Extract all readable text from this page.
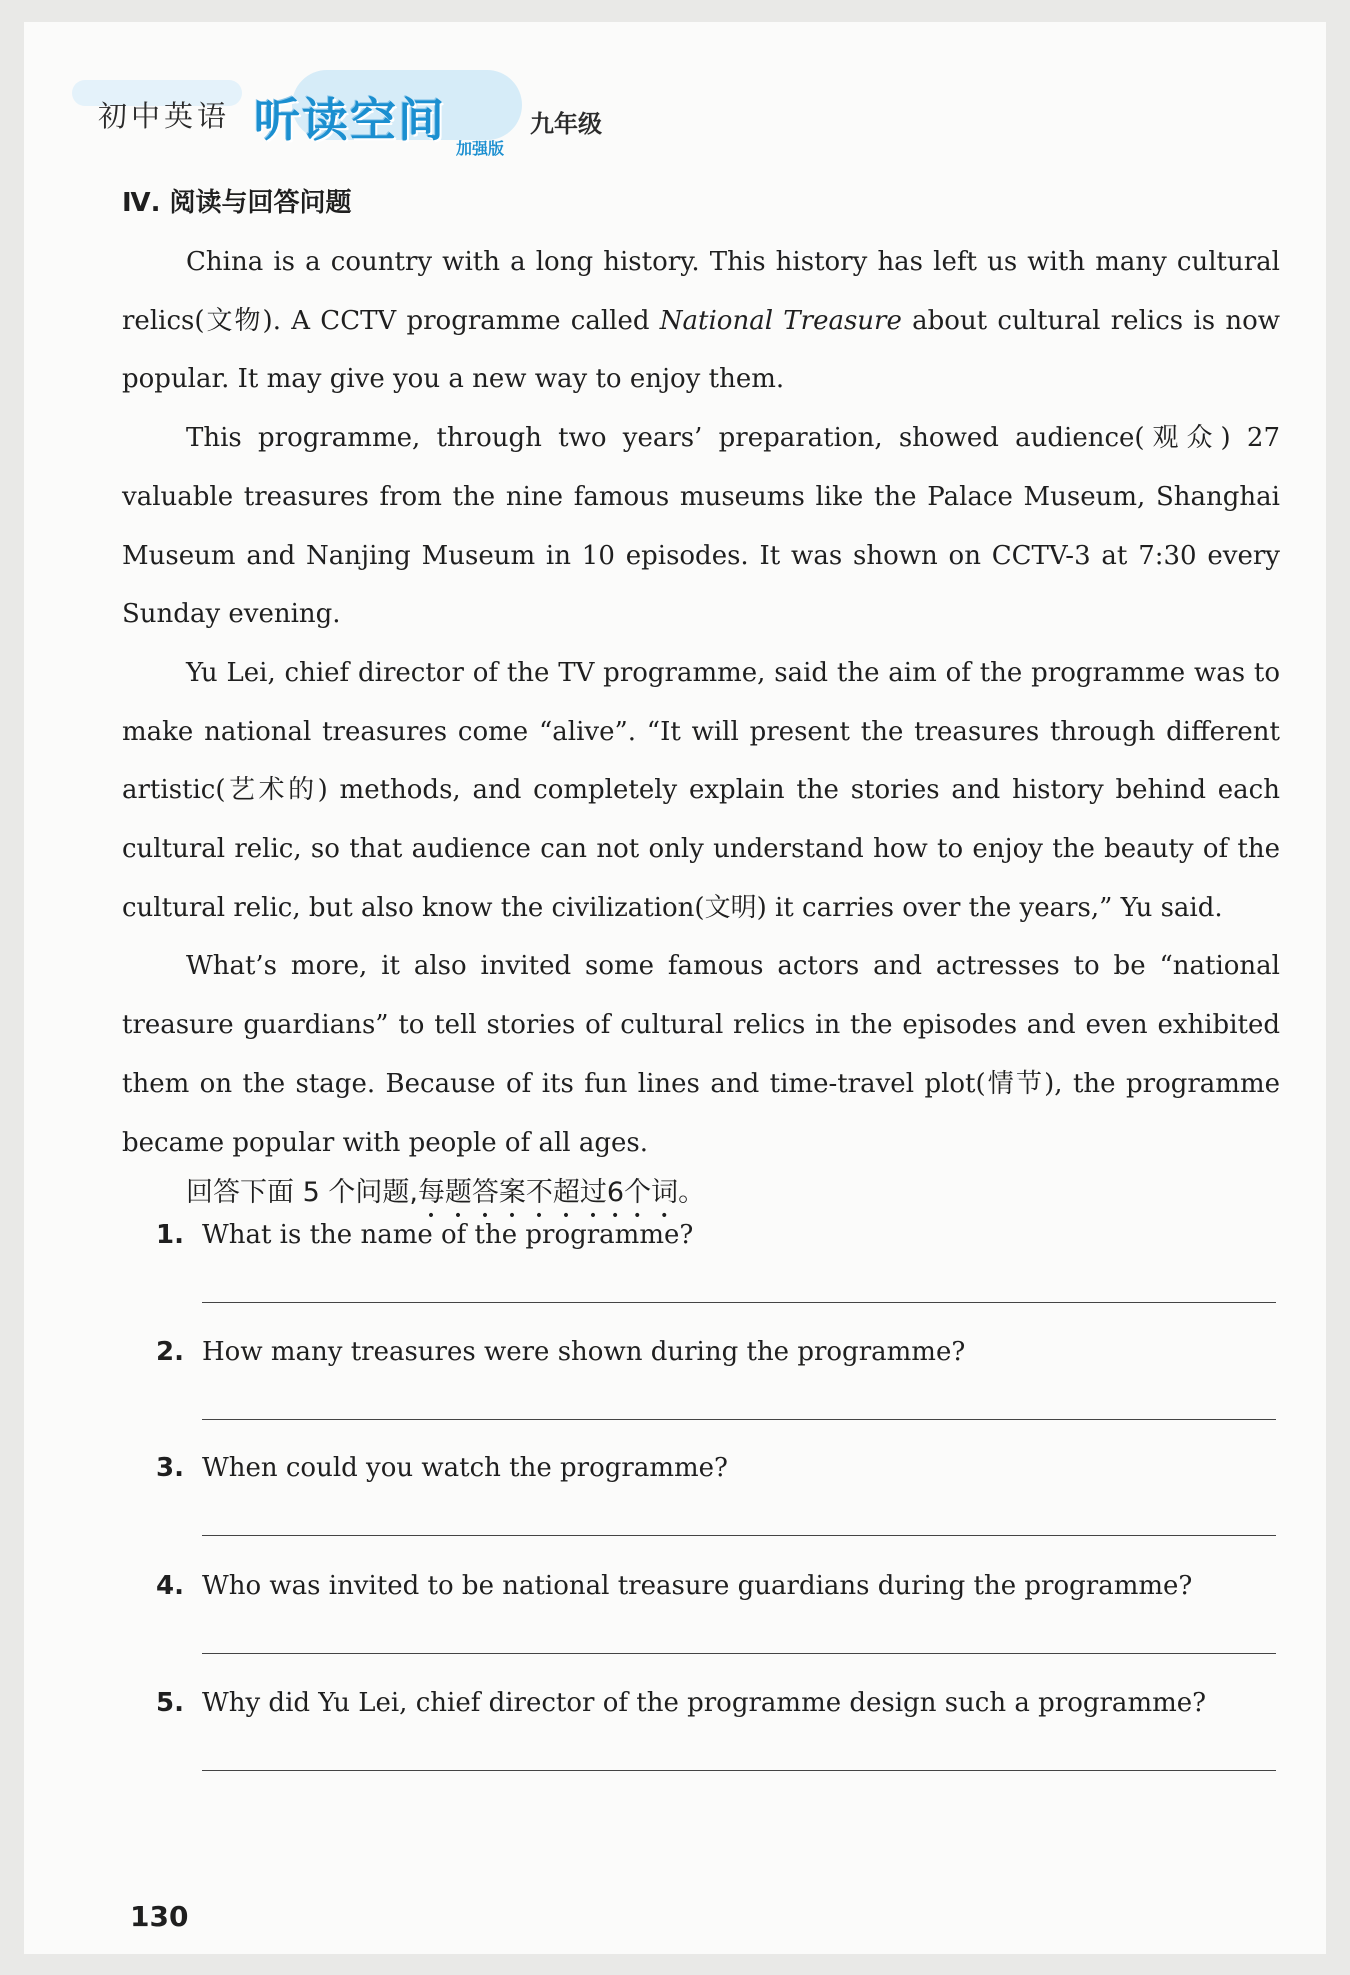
初中英语 听读空间
加强版
九年级
Ⅳ. 阅读与回答问题

China is a country with a long history. This history has left us with many cultural relics(文物). A CCTV programme called National Treasure about cultural relics is now popular. It may give you a new way to enjoy them.

This programme, through two years’ preparation, showed audience(观众) 27 valuable treasures from the nine famous museums like the Palace Museum, Shanghai Museum and Nanjing Museum in 10 episodes. It was shown on CCTV-3 at 7:30 every Sunday evening.

Yu Lei, chief director of the TV programme, said the aim of the programme was to make national treasures come “alive”. “It will present the treasures through different artistic(艺术的) methods, and completely explain the stories and history behind each cultural relic, so that audience can not only understand how to enjoy the beauty of the cultural relic, but also know the civilization(文明) it carries over the years,” Yu said.

What’s more, it also invited some famous actors and actresses to be “national treasure guardians” to tell stories of cultural relics in the episodes and even exhibited them on the stage. Because of its fun lines and time-travel plot(情节), the programme became popular with people of all ages.

回答下面 5 个问题,每题答案不超过6个词。
1. What is the name of the programme?
2. How many treasures were shown during the programme?
3. When could you watch the programme?
4. Who was invited to be national treasure guardians during the programme?
5. Why did Yu Lei, chief director of the programme design such a programme?
130
